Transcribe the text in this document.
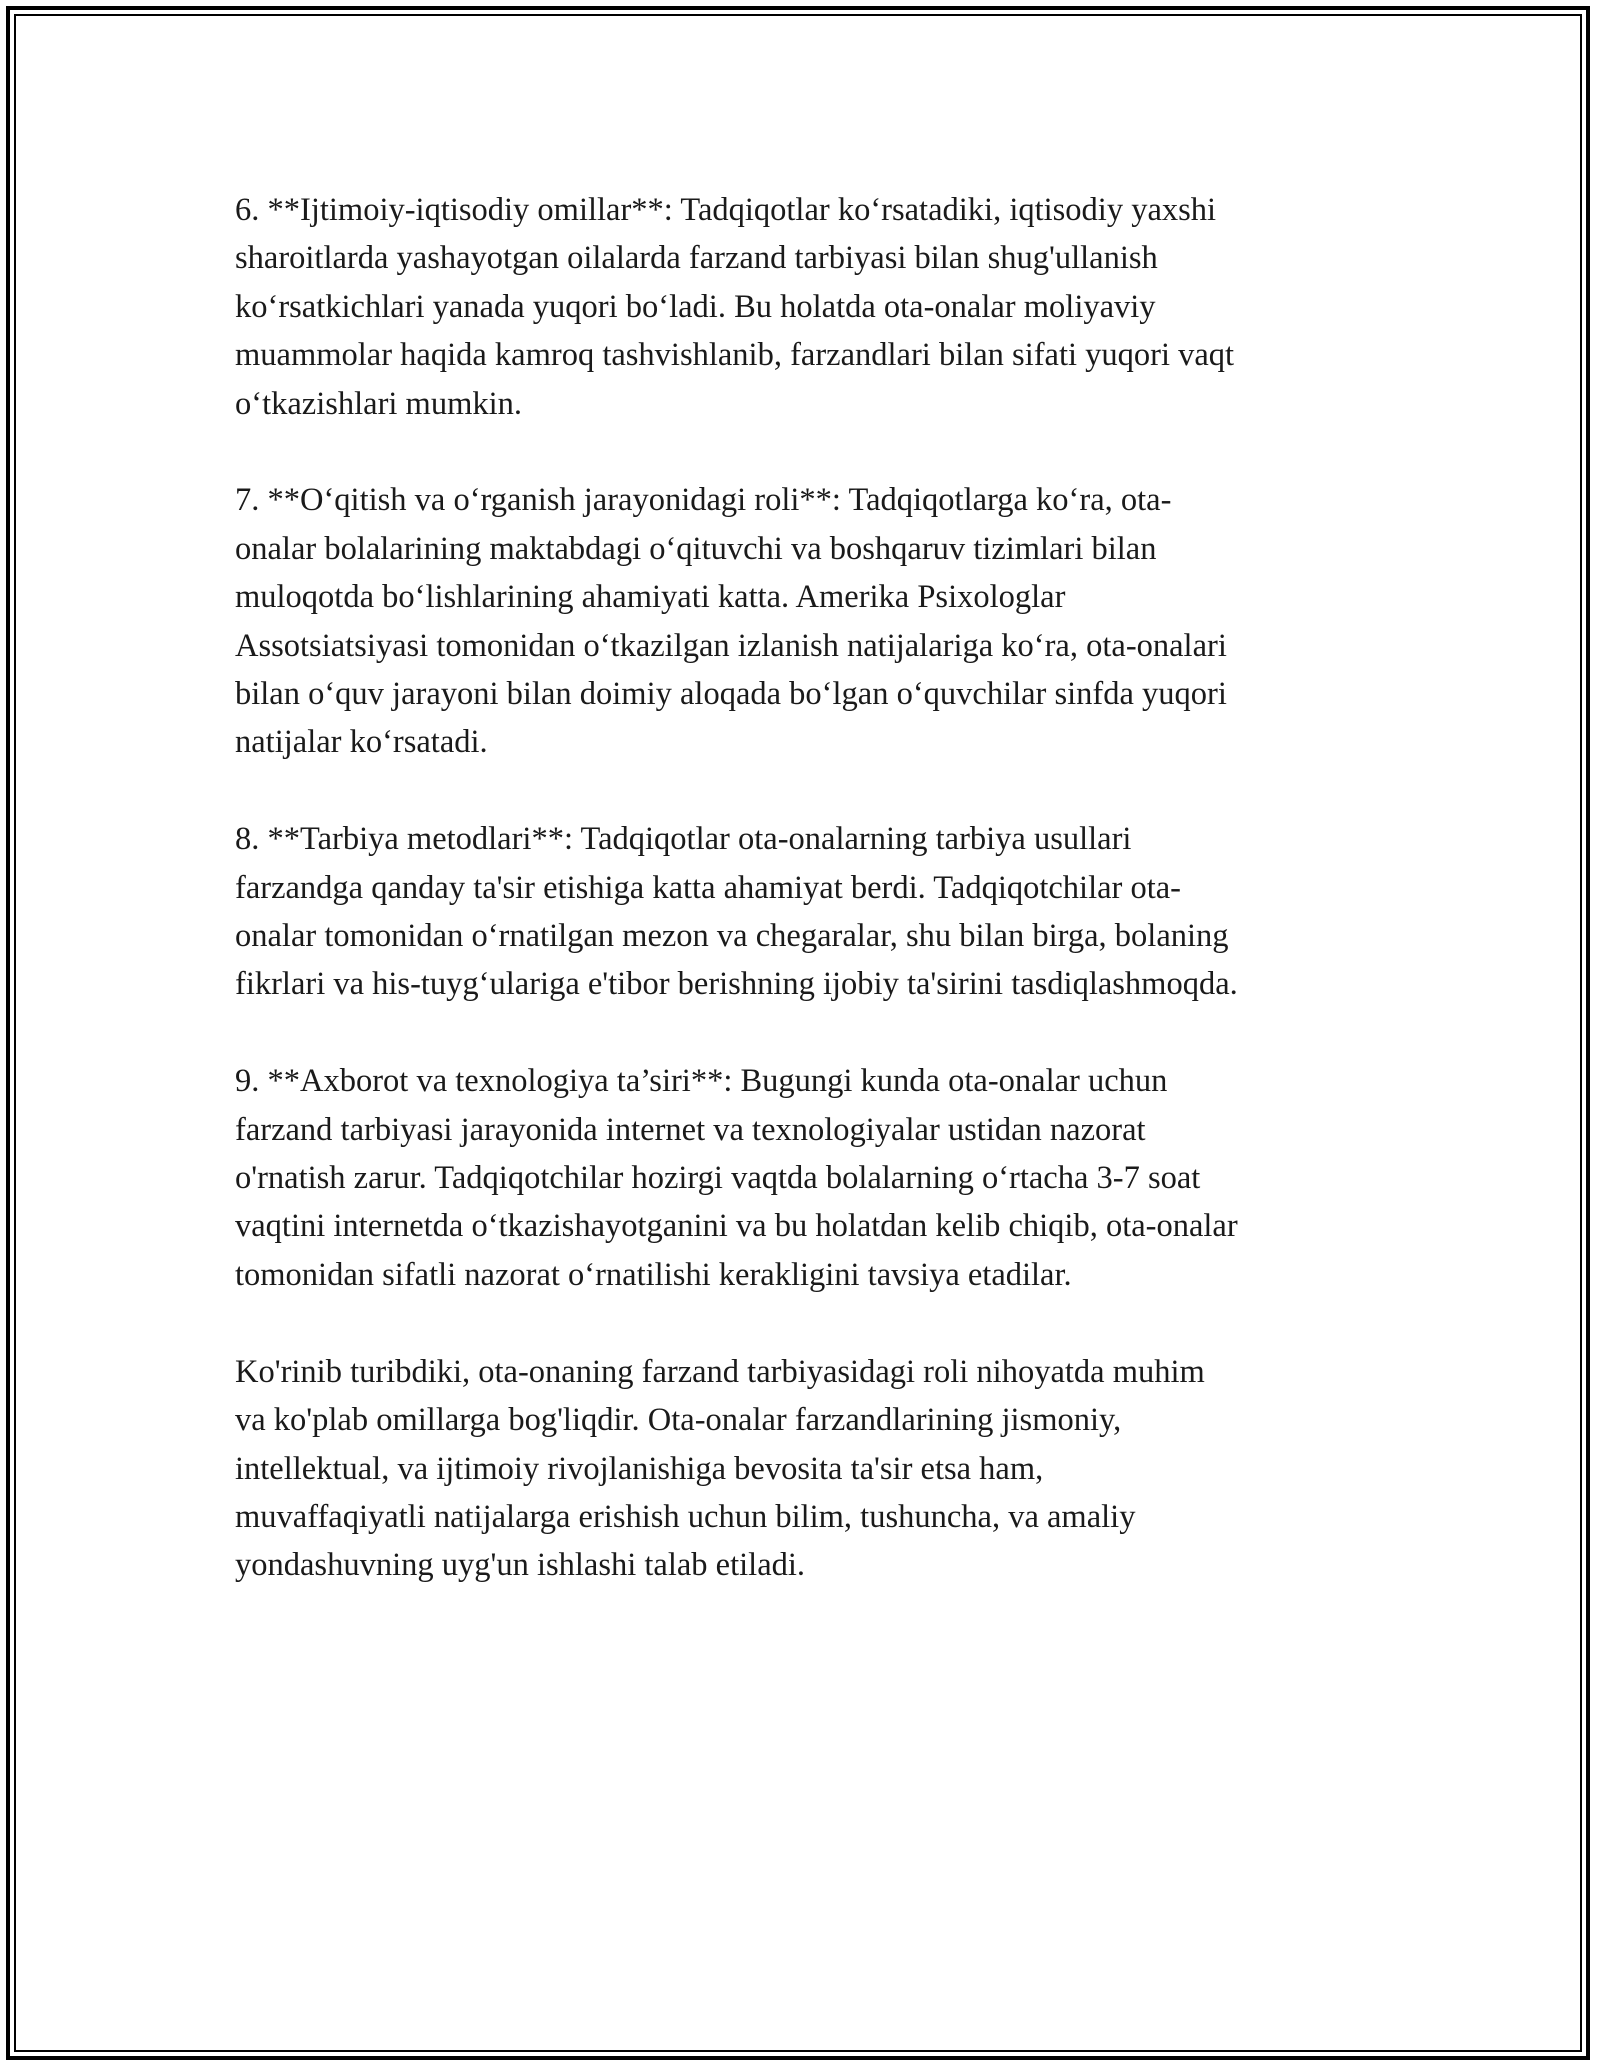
6. **Ijtimoiy-iqtisodiy omillar**: Tadqiqotlar koʻrsatadiki, iqtisodiy yaxshi
sharoitlarda yashayotgan oilalarda farzand tarbiyasi bilan shug'ullanish
koʻrsatkichlari yanada yuqori boʻladi. Bu holatda ota-onalar moliyaviy
muammolar haqida kamroq tashvishlanib, farzandlari bilan sifati yuqori vaqt
oʻtkazishlari mumkin.

7. **Oʻqitish va oʻrganish jarayonidagi roli**: Tadqiqotlarga koʻra, ota-
onalar bolalarining maktabdagi oʻqituvchi va boshqaruv tizimlari bilan
muloqotda boʻlishlarining ahamiyati katta. Amerika Psixologlar
Assotsiatsiyasi tomonidan oʻtkazilgan izlanish natijalariga koʻra, ota-onalari
bilan oʻquv jarayoni bilan doimiy aloqada boʻlgan oʻquvchilar sinfda yuqori
natijalar koʻrsatadi.

8. **Tarbiya metodlari**: Tadqiqotlar ota-onalarning tarbiya usullari
farzandga qanday ta'sir etishiga katta ahamiyat berdi. Tadqiqotchilar ota-
onalar tomonidan oʻrnatilgan mezon va chegaralar, shu bilan birga, bolaning
fikrlari va his-tuygʻulariga e'tibor berishning ijobiy ta'sirini tasdiqlashmoqda.

9. **Axborot va texnologiya ta’siri**: Bugungi kunda ota-onalar uchun
farzand tarbiyasi jarayonida internet va texnologiyalar ustidan nazorat
o'rnatish zarur. Tadqiqotchilar hozirgi vaqtda bolalarning oʻrtacha 3-7 soat
vaqtini internetda oʻtkazishayotganini va bu holatdan kelib chiqib, ota-onalar
tomonidan sifatli nazorat oʻrnatilishi kerakligini tavsiya etadilar.

Ko'rinib turibdiki, ota-onaning farzand tarbiyasidagi roli nihoyatda muhim
va ko'plab omillarga bog'liqdir. Ota-onalar farzandlarining jismoniy,
intellektual, va ijtimoiy rivojlanishiga bevosita ta'sir etsa ham,
muvaffaqiyatli natijalarga erishish uchun bilim, tushuncha, va amaliy
yondashuvning uyg'un ishlashi talab etiladi.
